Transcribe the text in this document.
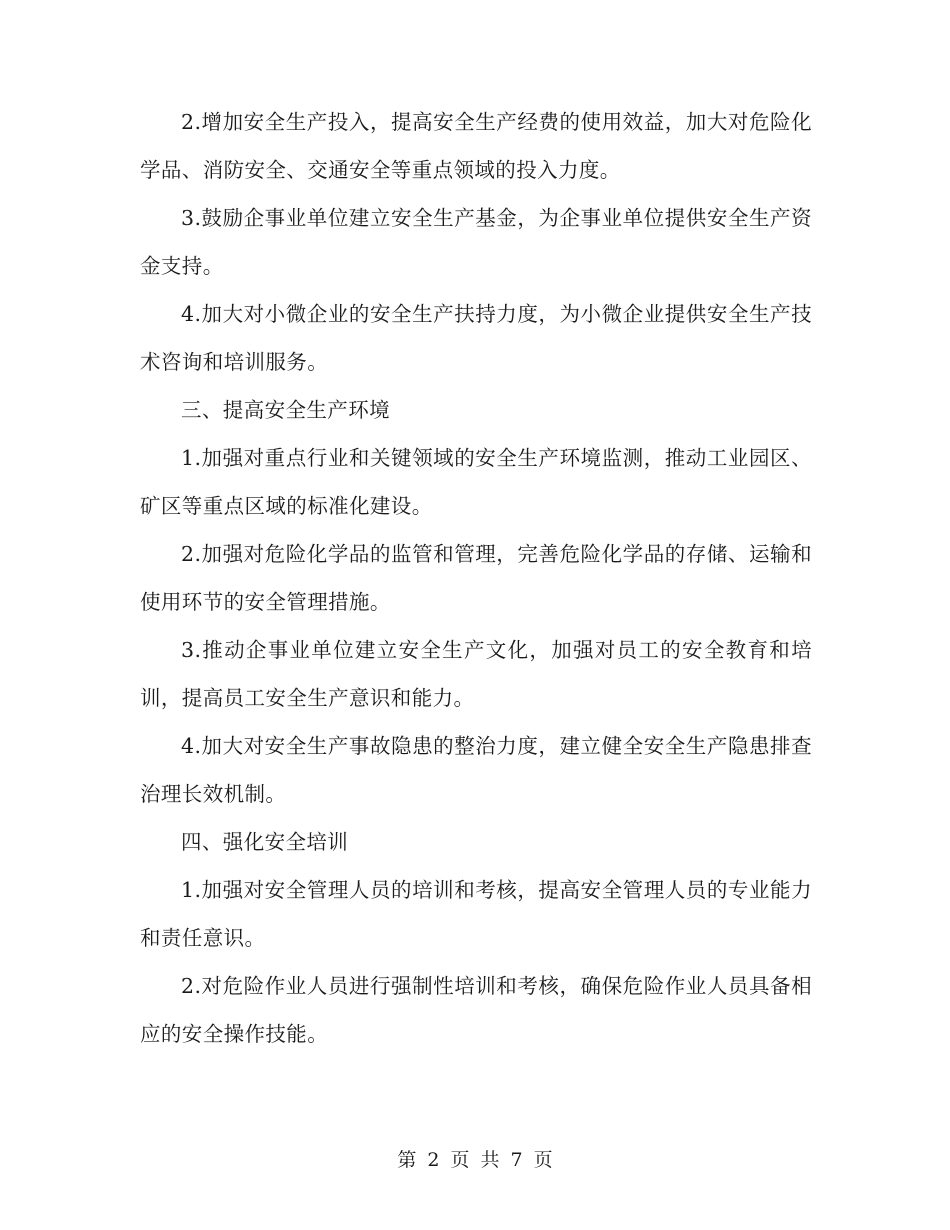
2.增加安全生产投入，提高安全生产经费的使用效益，加大对危险化学品、消防安全、交通安全等重点领域的投入力度。

3.鼓励企事业单位建立安全生产基金，为企事业单位提供安全生产资金支持。

4.加大对小微企业的安全生产扶持力度，为小微企业提供安全生产技术咨询和培训服务。

三、提高安全生产环境

1.加强对重点行业和关键领域的安全生产环境监测，推动工业园区、矿区等重点区域的标准化建设。

2.加强对危险化学品的监管和管理，完善危险化学品的存储、运输和使用环节的安全管理措施。

3.推动企事业单位建立安全生产文化，加强对员工的安全教育和培训，提高员工安全生产意识和能力。

4.加大对安全生产事故隐患的整治力度，建立健全安全生产隐患排查治理长效机制。

四、强化安全培训

1.加强对安全管理人员的培训和考核，提高安全管理人员的专业能力和责任意识。

2.对危险作业人员进行强制性培训和考核，确保危险作业人员具备相应的安全操作技能。

第 2 页 共 7 页
